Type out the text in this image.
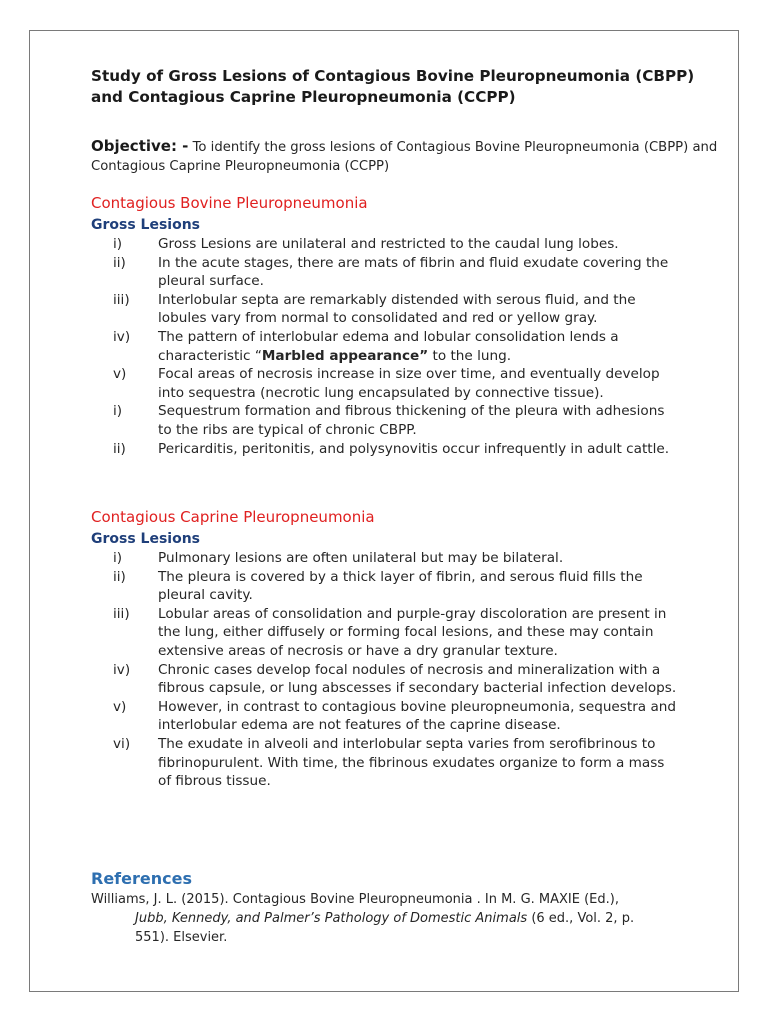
Study of Gross Lesions of Contagious Bovine Pleuropneumonia (CBPP) and Contagious Caprine Pleuropneumonia (CCPP)

Objective: - To identify the gross lesions of Contagious Bovine Pleuropneumonia (CBPP) and Contagious Caprine Pleuropneumonia (CCPP)

Contagious Bovine Pleuropneumonia
Gross Lesions
i)	Gross Lesions are unilateral and restricted to the caudal lung lobes.
ii) In the acute stages, there are mats of fibrin and fluid exudate covering the pleural surface.
iii) Interlobular septa are remarkably distended with serous fluid, and the lobules vary from normal to consolidated and red or yellow gray.
iv) The pattern of interlobular edema and lobular consolidation lends a characteristic “Marbled appearance” to the lung.
v) Focal areas of necrosis increase in size over time, and eventually develop into sequestra (necrotic lung encapsulated by connective tissue).
i)	Sequestrum formation and fibrous thickening of the pleura with adhesions to the ribs are typical of chronic CBPP.
ii) Pericarditis, peritonitis, and polysynovitis occur infrequently in adult cattle.
Contagious Caprine Pleuropneumonia
Gross Lesions
i)	Pulmonary lesions are often unilateral but may be bilateral.
ii) The pleura is covered by a thick layer of fibrin, and serous fluid fills the pleural cavity.
iii) Lobular areas of consolidation and purple-gray discoloration are present in the lung, either diffusely or forming focal lesions, and these may contain extensive areas of necrosis or have a dry granular texture.
iv) Chronic cases develop focal nodules of necrosis and mineralization with a fibrous capsule, or lung abscesses if secondary bacterial infection develops.
v) However, in contrast to contagious bovine pleuropneumonia, sequestra and interlobular edema are not features of the caprine disease.
vi) The exudate in alveoli and interlobular septa varies from serofibrinous to fibrinopurulent. With time, the fibrinous exudates organize to form a mass of fibrous tissue.
References

Williams, J. L. (2015). Contagious Bovine Pleuropneumonia . In M. G. MAXIE (Ed.),
Jubb, Kennedy, and Palmer’s Pathology of Domestic Animals (6 ed., Vol. 2, p.
551). Elsevier.
